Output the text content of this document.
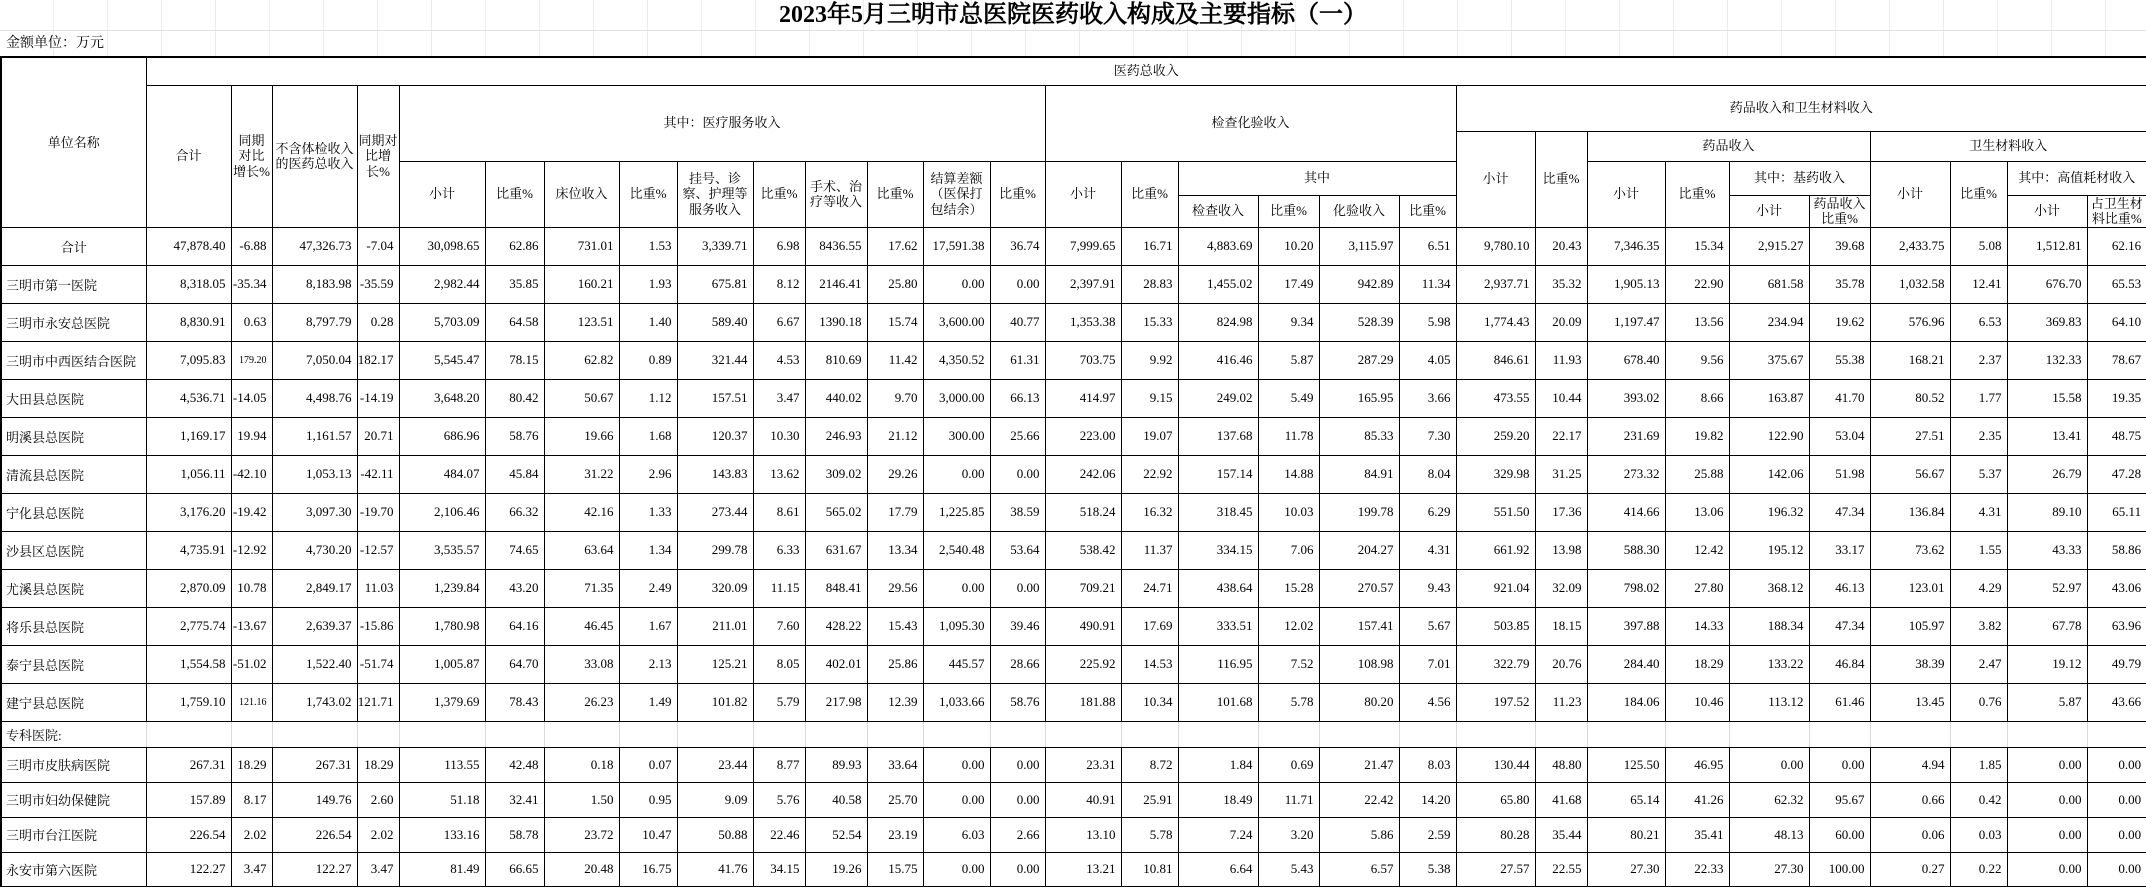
2023年5月三明市总医院医药收入构成及主要指标（一）
金额单位：万元
单位名称	医药总收入																													
	合计	同期对比增长%	不含体检收入的医药总收入	同期对比增长%	其中：医疗服务收入										检查化验收入						药品收入和卫生材料收入									
																					小计	比重%	药品收入				卫生材料收入			
					小计	比重%	床位收入	比重%	挂号、诊察、护理等服务收入	比重%	手术、治疗等收入	比重%	结算差额（医保打包结余）	比重%	小计	比重%	其中						小计	比重%	其中：基药收入		小计	比重%	其中：高值耗材收入	
																	检查收入	比重%	化验收入	比重%					小计	药品收入比重%			小计	占卫生材料比重%
合计	47,878.40	-6.88	47,326.73	-7.04	30,098.65	62.86	731.01	1.53	3,339.71	6.98	8436.55	17.62	17,591.38	36.74	7,999.65	16.71	4,883.69	10.20	3,115.97	6.51	9,780.10	20.43	7,346.35	15.34	2,915.27	39.68	2,433.75	5.08	1,512.81	62.16
三明市第一医院	8,318.05	-35.34	8,183.98	-35.59	2,982.44	35.85	160.21	1.93	675.81	8.12	2146.41	25.80	0.00	0.00	2,397.91	28.83	1,455.02	17.49	942.89	11.34	2,937.71	35.32	1,905.13	22.90	681.58	35.78	1,032.58	12.41	676.70	65.53
三明市永安总医院	8,830.91	0.63	8,797.79	0.28	5,703.09	64.58	123.51	1.40	589.40	6.67	1390.18	15.74	3,600.00	40.77	1,353.38	15.33	824.98	9.34	528.39	5.98	1,774.43	20.09	1,197.47	13.56	234.94	19.62	576.96	6.53	369.83	64.10
三明市中西医结合医院	7,095.83	179.20	7,050.04	182.17	5,545.47	78.15	62.82	0.89	321.44	4.53	810.69	11.42	4,350.52	61.31	703.75	9.92	416.46	5.87	287.29	4.05	846.61	11.93	678.40	9.56	375.67	55.38	168.21	2.37	132.33	78.67
大田县总医院	4,536.71	-14.05	4,498.76	-14.19	3,648.20	80.42	50.67	1.12	157.51	3.47	440.02	9.70	3,000.00	66.13	414.97	9.15	249.02	5.49	165.95	3.66	473.55	10.44	393.02	8.66	163.87	41.70	80.52	1.77	15.58	19.35
明溪县总医院	1,169.17	19.94	1,161.57	20.71	686.96	58.76	19.66	1.68	120.37	10.30	246.93	21.12	300.00	25.66	223.00	19.07	137.68	11.78	85.33	7.30	259.20	22.17	231.69	19.82	122.90	53.04	27.51	2.35	13.41	48.75
清流县总医院	1,056.11	-42.10	1,053.13	-42.11	484.07	45.84	31.22	2.96	143.83	13.62	309.02	29.26	0.00	0.00	242.06	22.92	157.14	14.88	84.91	8.04	329.98	31.25	273.32	25.88	142.06	51.98	56.67	5.37	26.79	47.28
宁化县总医院	3,176.20	-19.42	3,097.30	-19.70	2,106.46	66.32	42.16	1.33	273.44	8.61	565.02	17.79	1,225.85	38.59	518.24	16.32	318.45	10.03	199.78	6.29	551.50	17.36	414.66	13.06	196.32	47.34	136.84	4.31	89.10	65.11
沙县区总医院	4,735.91	-12.92	4,730.20	-12.57	3,535.57	74.65	63.64	1.34	299.78	6.33	631.67	13.34	2,540.48	53.64	538.42	11.37	334.15	7.06	204.27	4.31	661.92	13.98	588.30	12.42	195.12	33.17	73.62	1.55	43.33	58.86
尤溪县总医院	2,870.09	10.78	2,849.17	11.03	1,239.84	43.20	71.35	2.49	320.09	11.15	848.41	29.56	0.00	0.00	709.21	24.71	438.64	15.28	270.57	9.43	921.04	32.09	798.02	27.80	368.12	46.13	123.01	4.29	52.97	43.06
将乐县总医院	2,775.74	-13.67	2,639.37	-15.86	1,780.98	64.16	46.45	1.67	211.01	7.60	428.22	15.43	1,095.30	39.46	490.91	17.69	333.51	12.02	157.41	5.67	503.85	18.15	397.88	14.33	188.34	47.34	105.97	3.82	67.78	63.96
泰宁县总医院	1,554.58	-51.02	1,522.40	-51.74	1,005.87	64.70	33.08	2.13	125.21	8.05	402.01	25.86	445.57	28.66	225.92	14.53	116.95	7.52	108.98	7.01	322.79	20.76	284.40	18.29	133.22	46.84	38.39	2.47	19.12	49.79
建宁县总医院	1,759.10	121.16	1,743.02	121.71	1,379.69	78.43	26.23	1.49	101.82	5.79	217.98	12.39	1,033.66	58.76	181.88	10.34	101.68	5.78	80.20	4.56	197.52	11.23	184.06	10.46	113.12	61.46	13.45	0.76	5.87	43.66
专科医院:																														
三明市皮肤病医院	267.31	18.29	267.31	18.29	113.55	42.48	0.18	0.07	23.44	8.77	89.93	33.64	0.00	0.00	23.31	8.72	1.84	0.69	21.47	8.03	130.44	48.80	125.50	46.95	0.00	0.00	4.94	1.85	0.00	0.00
三明市妇幼保健院	157.89	8.17	149.76	2.60	51.18	32.41	1.50	0.95	9.09	5.76	40.58	25.70	0.00	0.00	40.91	25.91	18.49	11.71	22.42	14.20	65.80	41.68	65.14	41.26	62.32	95.67	0.66	0.42	0.00	0.00
三明市台江医院	226.54	2.02	226.54	2.02	133.16	58.78	23.72	10.47	50.88	22.46	52.54	23.19	6.03	2.66	13.10	5.78	7.24	3.20	5.86	2.59	80.28	35.44	80.21	35.41	48.13	60.00	0.06	0.03	0.00	0.00
永安市第六医院	122.27	3.47	122.27	3.47	81.49	66.65	20.48	16.75	41.76	34.15	19.26	15.75	0.00	0.00	13.21	10.81	6.64	5.43	6.57	5.38	27.57	22.55	27.30	22.33	27.30	100.00	0.27	0.22	0.00	0.00
